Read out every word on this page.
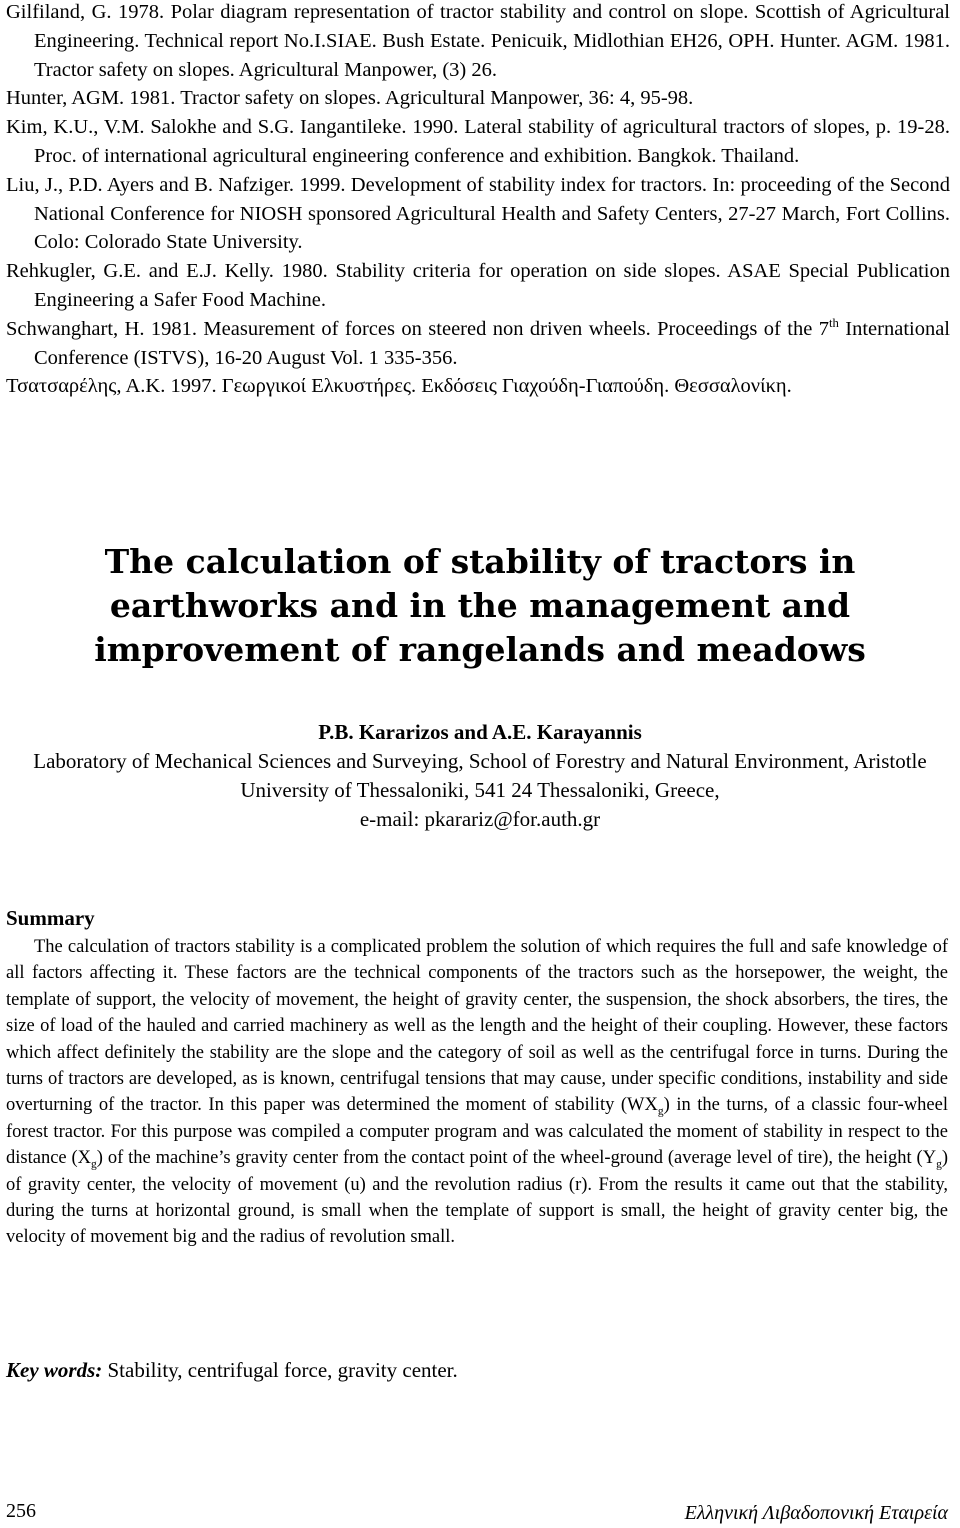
Gilfiland, G. 1978. Polar diagram representation of tractor stability and control on slope. Scottish of Agricultural Engineering. Technical report No.I.SIAE. Bush Estate. Penicuik, Midlothian EH26, OPH. Hunter. AGM. 1981. Tractor safety on slopes. Agricultural Manpower, (3) 26.

Hunter, AGM. 1981. Tractor safety on slopes. Agricultural Manpower, 36: 4, 95-98.

Kim, K.U., V.M. Salokhe and S.G. Iangantileke. 1990. Lateral stability of agricultural tractors of slopes, p. 19-28. Proc. of international agricultural engineering conference and exhibition. Bangkok. Thailand.

Liu, J., P.D. Ayers and B. Nafziger. 1999. Development of stability index for tractors. In: proceeding of the Second National Conference for NIOSH sponsored Agricultural Health and Safety Centers, 27-27 March, Fort Collins. Colo: Colorado State University.

Rehkugler, G.E. and E.J. Kelly. 1980. Stability criteria for operation on side slopes. ASAE Special Publication Engineering a Safer Food Machine.

Schwanghart, H. 1981. Measurement of forces on steered non driven wheels. Proceedings of the 7th International Conference (ISTVS), 16-20 August Vol. 1 335-356.

Τσατσαρέλης, Α.Κ. 1997. Γεωργικοί Ελκυστήρες. Εκδόσεις Γιαχούδη-Γιαπούδη. Θεσσαλονίκη.

The calculation of stability of tractors in earthworks and in the management and improvement of rangelands and meadows

P.B. Kararizos and A.E. Karayannis

Laboratory of Mechanical Sciences and Surveying, School of Forestry and Natural Environment, Aristotle University of Thessaloniki, 541 24 Thessaloniki, Greece,

e-mail: pkarariz@for.auth.gr

Summary

The calculation of tractors stability is a complicated problem the solution of which requires the full and safe knowledge of all factors affecting it. These factors are the technical components of the tractors such as the horsepower, the weight, the template of support, the velocity of movement, the height of gravity center, the suspension, the shock absorbers, the tires, the size of load of the hauled and carried machinery as well as the length and the height of their coupling. However, these factors which affect definitely the stability are the slope and the category of soil as well as the centrifugal force in turns. During the turns of tractors are developed, as is known, centrifugal tensions that may cause, under specific conditions, instability and side overturning of the tractor. In this paper was determined the moment of stability $(WX_g)$ in the turns, of a classic four-wheel forest tractor. For this purpose was compiled a computer program and was calculated the moment of stability in respect to the distance $(X_g)$ of the machine’s gravity center from the contact point of the wheel-ground (average level of tire), the height $(Y_g)$ of gravity center, the velocity of movement (u) and the revolution radius (r). From the results it came out that the stability, during the turns at horizontal ground, is small when the template of support is small, the height of gravity center big, the velocity of movement big and the radius of revolution small.

Key words: Stability, centrifugal force, gravity center.

256	Ελληνική Λιβαδοπονική Εταιρεία
